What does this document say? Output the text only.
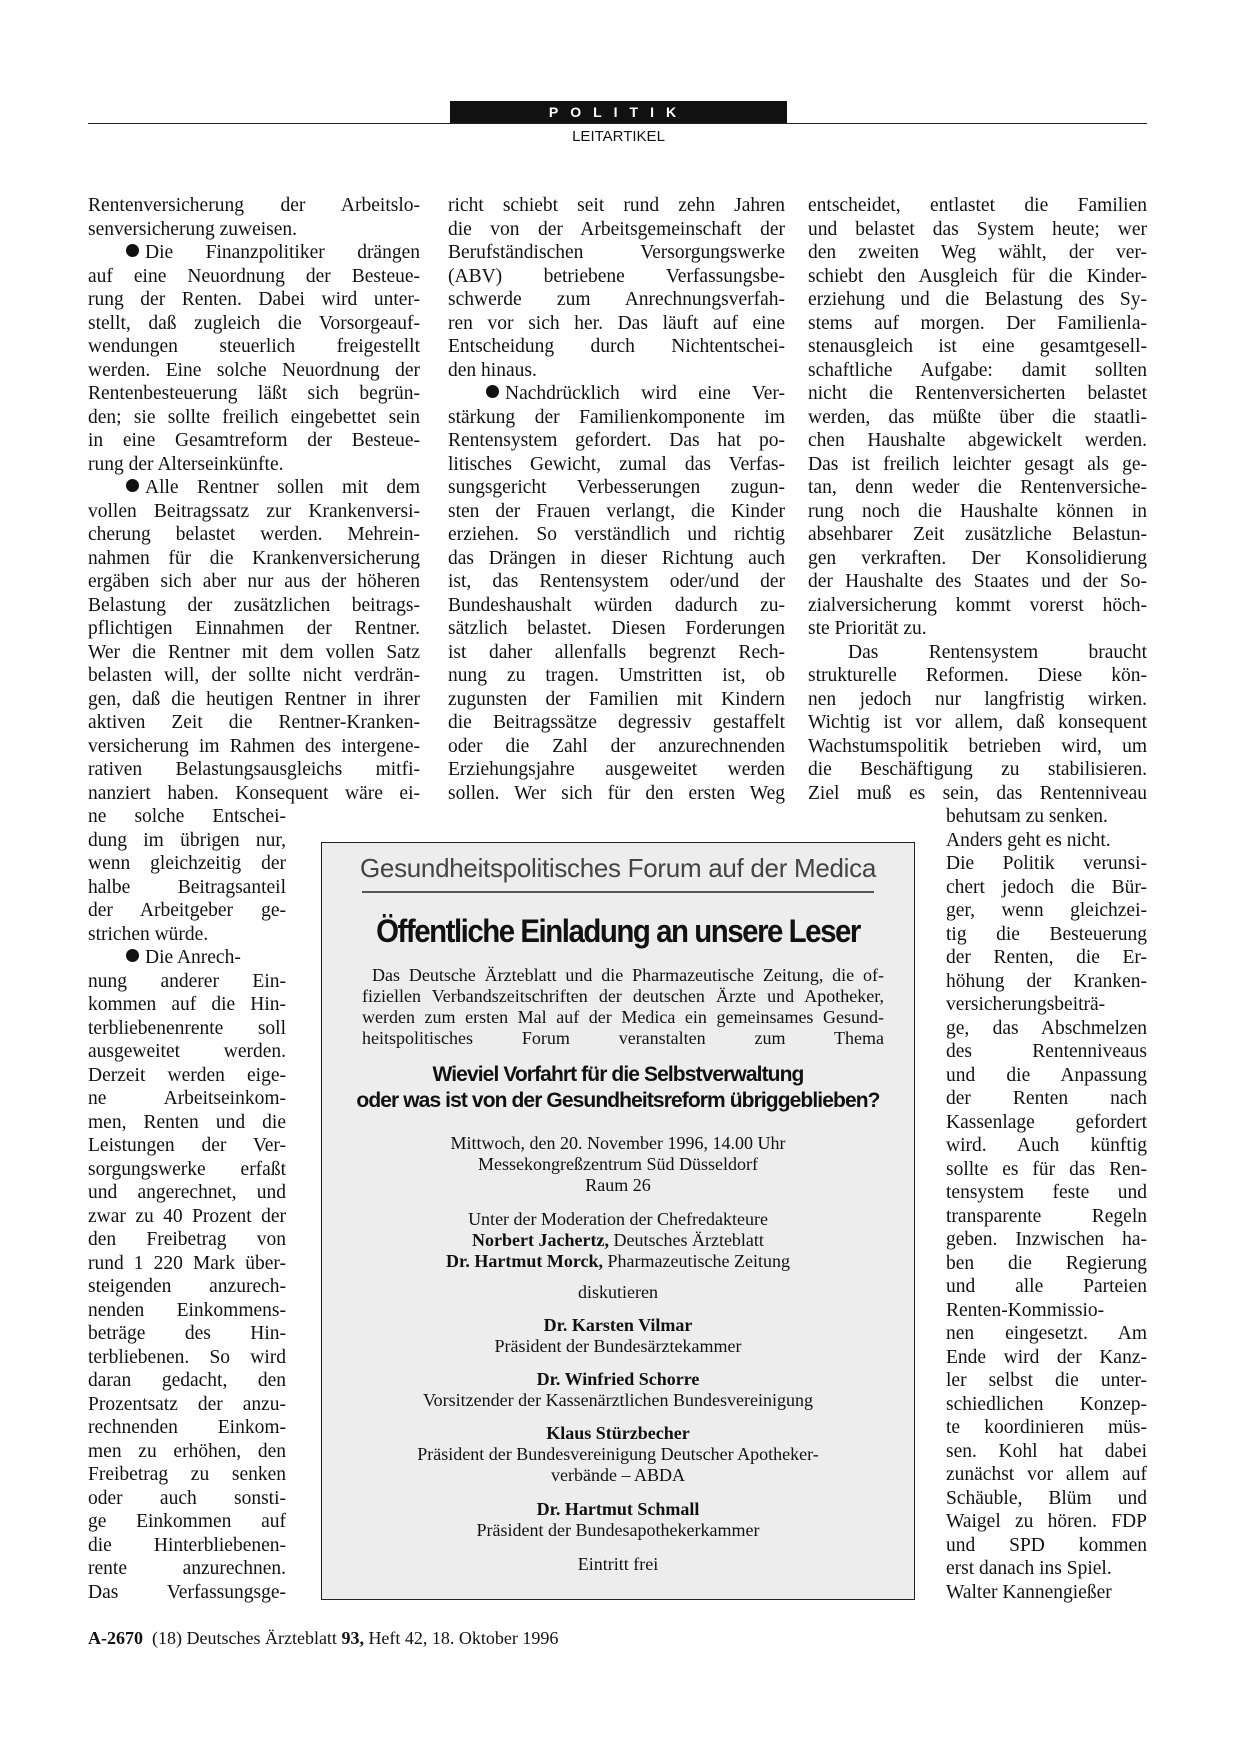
POLITIK
LEITARTIKEL
Rentenversicherung der Arbeitslo-
senversicherung zuweisen.
Die Finanzpolitiker drängen
auf eine Neuordnung der Besteue-
rung der Renten. Dabei wird unter-
stellt, daß zugleich die Vorsorgeauf-
wendungen steuerlich freigestellt
werden. Eine solche Neuordnung der
Rentenbesteuerung läßt sich begrün-
den; sie sollte freilich eingebettet sein
in eine Gesamtreform der Besteue-
rung der Alterseinkünfte.
Alle Rentner sollen mit dem
vollen Beitragssatz zur Krankenversi-
cherung belastet werden. Mehrein-
nahmen für die Krankenversicherung
ergäben sich aber nur aus der höheren
Belastung der zusätzlichen beitrags-
pflichtigen Einnahmen der Rentner.
Wer die Rentner mit dem vollen Satz
belasten will, der sollte nicht verdrän-
gen, daß die heutigen Rentner in ihrer
aktiven Zeit die Rentner-Kranken-
versicherung im Rahmen des intergene-
rativen Belastungsausgleichs mitfi-
nanziert haben. Konsequent wäre ei-
ne solche Entschei-
dung im übrigen nur,
wenn gleichzeitig der
halbe Beitragsanteil
der Arbeitgeber ge-
strichen würde.
Die Anrech-
nung anderer Ein-
kommen auf die Hin-
terbliebenenrente soll
ausgeweitet werden.
Derzeit werden eige-
ne Arbeitseinkom-
men, Renten und die
Leistungen der Ver-
sorgungswerke erfaßt
und angerechnet, und
zwar zu 40 Prozent der
den Freibetrag von
rund 1 220 Mark über-
steigenden anzurech-
nenden Einkommens-
beträge des Hin-
terbliebenen. So wird
daran gedacht, den
Prozentsatz der anzu-
rechnenden Einkom-
men zu erhöhen, den
Freibetrag zu senken
oder auch sonsti-
ge Einkommen auf
die Hinterbliebenen-
rente anzurechnen.
Das Verfassungsge-
richt schiebt seit rund zehn Jahren
die von der Arbeitsgemeinschaft der
Berufständischen Versorgungswerke
(ABV) betriebene Verfassungsbe-
schwerde zum Anrechnungsverfah-
ren vor sich her. Das läuft auf eine
Entscheidung durch Nichtentschei-
den hinaus.
Nachdrücklich wird eine Ver-
stärkung der Familienkomponente im
Rentensystem gefordert. Das hat po-
litisches Gewicht, zumal das Verfas-
sungsgericht Verbesserungen zugun-
sten der Frauen verlangt, die Kinder
erziehen. So verständlich und richtig
das Drängen in dieser Richtung auch
ist, das Rentensystem oder/und der
Bundeshaushalt würden dadurch zu-
sätzlich belastet. Diesen Forderungen
ist daher allenfalls begrenzt Rech-
nung zu tragen. Umstritten ist, ob
zugunsten der Familien mit Kindern
die Beitragssätze degressiv gestaffelt
oder die Zahl der anzurechnenden
Erziehungsjahre ausgeweitet werden
sollen. Wer sich für den ersten Weg
entscheidet, entlastet die Familien
und belastet das System heute; wer
den zweiten Weg wählt, der ver-
schiebt den Ausgleich für die Kinder-
erziehung und die Belastung des Sy-
stems auf morgen. Der Familienla-
stenausgleich ist eine gesamtgesell-
schaftliche Aufgabe: damit sollten
nicht die Rentenversicherten belastet
werden, das müßte über die staatli-
chen Haushalte abgewickelt werden.
Das ist freilich leichter gesagt als ge-
tan, denn weder die Rentenversiche-
rung noch die Haushalte können in
absehbarer Zeit zusätzliche Belastun-
gen verkraften. Der Konsolidierung
der Haushalte des Staates und der So-
zialversicherung kommt vorerst höch-
ste Priorität zu.
Das Rentensystem braucht
strukturelle Reformen. Diese kön-
nen jedoch nur langfristig wirken.
Wichtig ist vor allem, daß konsequent
Wachstumspolitik betrieben wird, um
die Beschäftigung zu stabilisieren.
Ziel muß es sein, das Rentenniveau
behutsam zu senken.
Anders geht es nicht.
Die Politik verunsi-
chert jedoch die Bür-
ger, wenn gleichzei-
tig die Besteuerung
der Renten, die Er-
höhung der Kranken-
versicherungsbeiträ-
ge, das Abschmelzen
des Rentenniveaus
und die Anpassung
der Renten nach
Kassenlage gefordert
wird. Auch künftig
sollte es für das Ren-
tensystem feste und
transparente Regeln
geben. Inzwischen ha-
ben die Regierung
und alle Parteien
Renten-Kommissio-
nen eingesetzt. Am
Ende wird der Kanz-
ler selbst die unter-
schiedlichen Konzep-
te koordinieren müs-
sen. Kohl hat dabei
zunächst vor allem auf
Schäuble, Blüm und
Waigel zu hören. FDP
und SPD kommen
erst danach ins Spiel.
Walter Kannengießer
Gesundheitspolitisches Forum auf der Medica
Öffentliche Einladung an unsere Leser
Das Deutsche Ärzteblatt und die Pharmazeutische Zeitung, die of-
fiziellen Verbandszeitschriften der deutschen Ärzte und Apotheker,
werden zum ersten Mal auf der Medica ein gemeinsames Gesund-
heitspolitisches Forum veranstalten zum Thema
Wieviel Vorfahrt für die Selbstverwaltung
oder was ist von der Gesundheitsreform übriggeblieben?
Mittwoch, den 20. November 1996, 14.00 Uhr
Messekongreßzentrum Süd Düsseldorf
Raum 26
Unter der Moderation der Chefredakteure
Norbert Jachertz, Deutsches Ärzteblatt
Dr. Hartmut Morck, Pharmazeutische Zeitung
diskutieren
Dr. Karsten Vilmar
Präsident der Bundesärztekammer
Dr. Winfried Schorre
Vorsitzender der Kassenärztlichen Bundesvereinigung
Klaus Stürzbecher
Präsident der Bundesvereinigung Deutscher Apotheker-
verbände – ABDA
Dr. Hartmut Schmall
Präsident der Bundesapothekerkammer
Eintritt frei
A-2670 (18) Deutsches Ärzteblatt 93, Heft 42, 18. Oktober 1996
